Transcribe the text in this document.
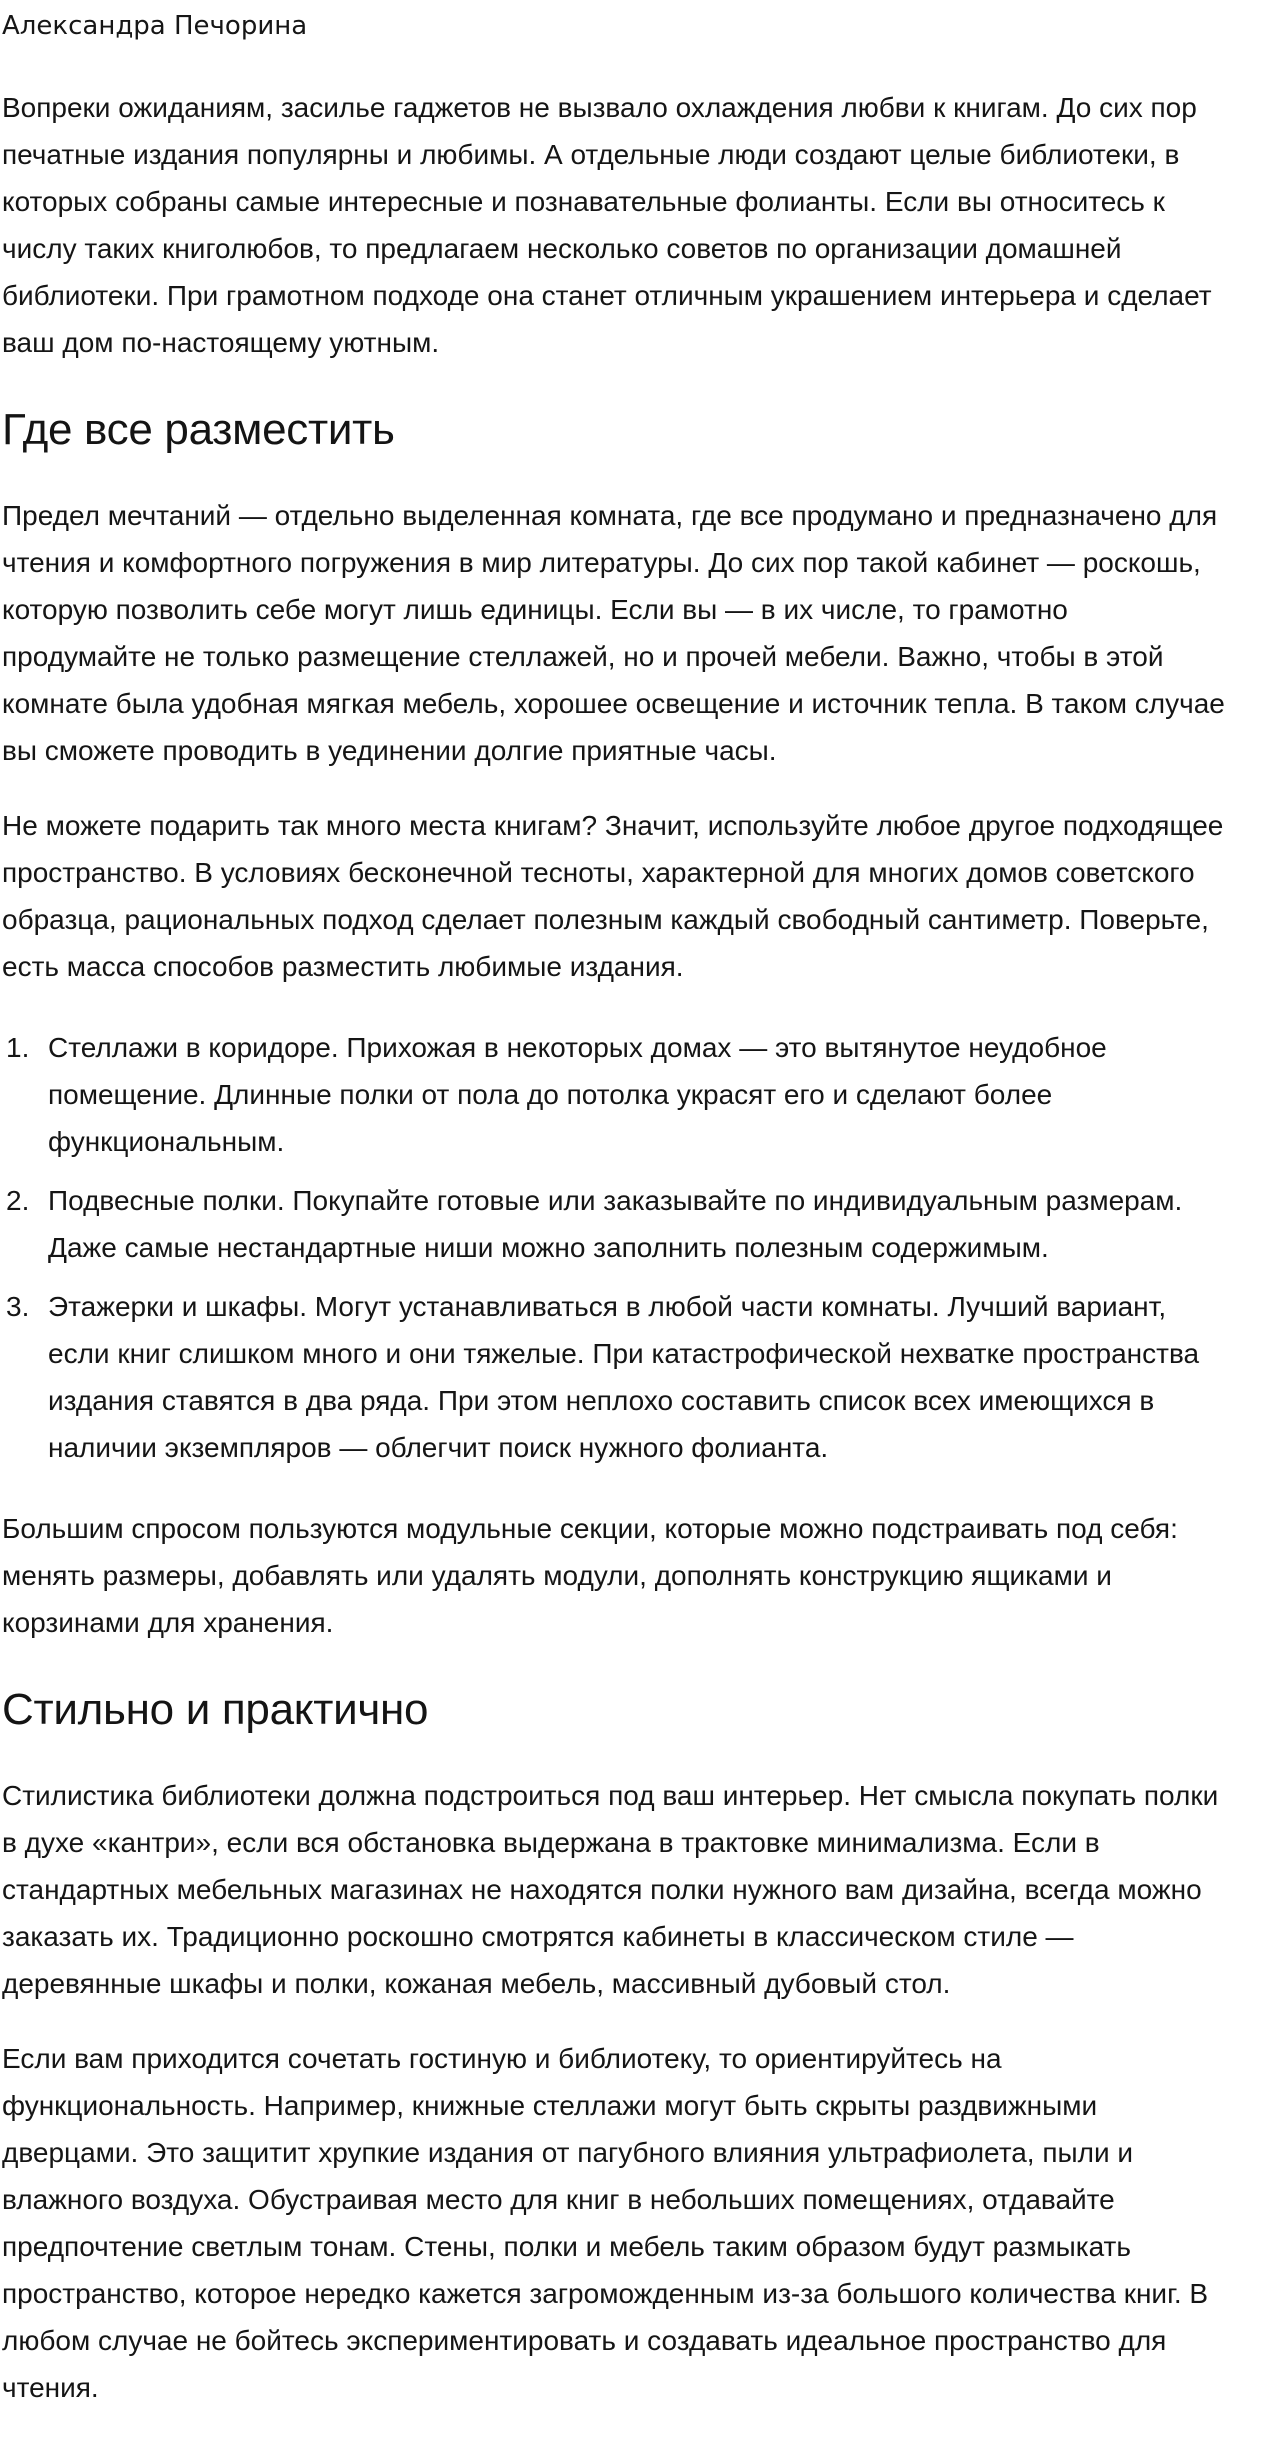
Александра Печорина

Вопреки ожиданиям, засилье гаджетов не вызвало охлаждения любви к книгам. До сих пор печатные издания популярны и любимы. А отдельные люди создают целые библиотеки, в которых собраны самые интересные и познавательные фолианты. Если вы относитесь к числу таких книголюбов, то предлагаем несколько советов по организации домашней библиотеки. При грамотном подходе она станет отличным украшением интерьера и сделает ваш дом по-настоящему уютным.

Где все разместить

Предел мечтаний — отдельно выделенная комната, где все продумано и предназначено для чтения и комфортного погружения в мир литературы. До сих пор такой кабинет — роскошь, которую позволить себе могут лишь единицы. Если вы — в их числе, то грамотно продумайте не только размещение стеллажей, но и прочей мебели. Важно, чтобы в этой комнате была удобная мягкая мебель, хорошее освещение и источник тепла. В таком случае вы сможете проводить в уединении долгие приятные часы.

Не можете подарить так много места книгам? Значит, используйте любое другое подходящее пространство. В условиях бесконечной тесноты, характерной для многих домов советского образца, рациональных подход сделает полезным каждый свободный сантиметр. Поверьте, есть масса способов разместить любимые издания.

1. Стеллажи в коридоре. Прихожая в некоторых домах — это вытянутое неудобное помещение. Длинные полки от пола до потолка украсят его и сделают более функциональным.
2. Подвесные полки. Покупайте готовые или заказывайте по индивидуальным размерам. Даже самые нестандартные ниши можно заполнить полезным содержимым.
3. Этажерки и шкафы. Могут устанавливаться в любой части комнаты. Лучший вариант, если книг слишком много и они тяжелые. При катастрофической нехватке пространства издания ставятся в два ряда. При этом неплохо составить список всех имеющихся в наличии экземпляров — облегчит поиск нужного фолианта.

Большим спросом пользуются модульные секции, которые можно подстраивать под себя: менять размеры, добавлять или удалять модули, дополнять конструкцию ящиками и корзинами для хранения.

Стильно и практично

Стилистика библиотеки должна подстроиться под ваш интерьер. Нет смысла покупать полки в духе «кантри», если вся обстановка выдержана в трактовке минимализма. Если в стандартных мебельных магазинах не находятся полки нужного вам дизайна, всегда можно заказать их. Традиционно роскошно смотрятся кабинеты в классическом стиле — деревянные шкафы и полки, кожаная мебель, массивный дубовый стол.

Если вам приходится сочетать гостиную и библиотеку, то ориентируйтесь на функциональность. Например, книжные стеллажи могут быть скрыты раздвижными дверцами. Это защитит хрупкие издания от пагубного влияния ультрафиолета, пыли и влажного воздуха. Обустраивая место для книг в небольших помещениях, отдавайте предпочтение светлым тонам. Стены, полки и мебель таким образом будут размыкать пространство, которое нередко кажется загроможденным из-за большого количества книг. В любом случае не бойтесь экспериментировать и создавать идеальное пространство для чтения.
